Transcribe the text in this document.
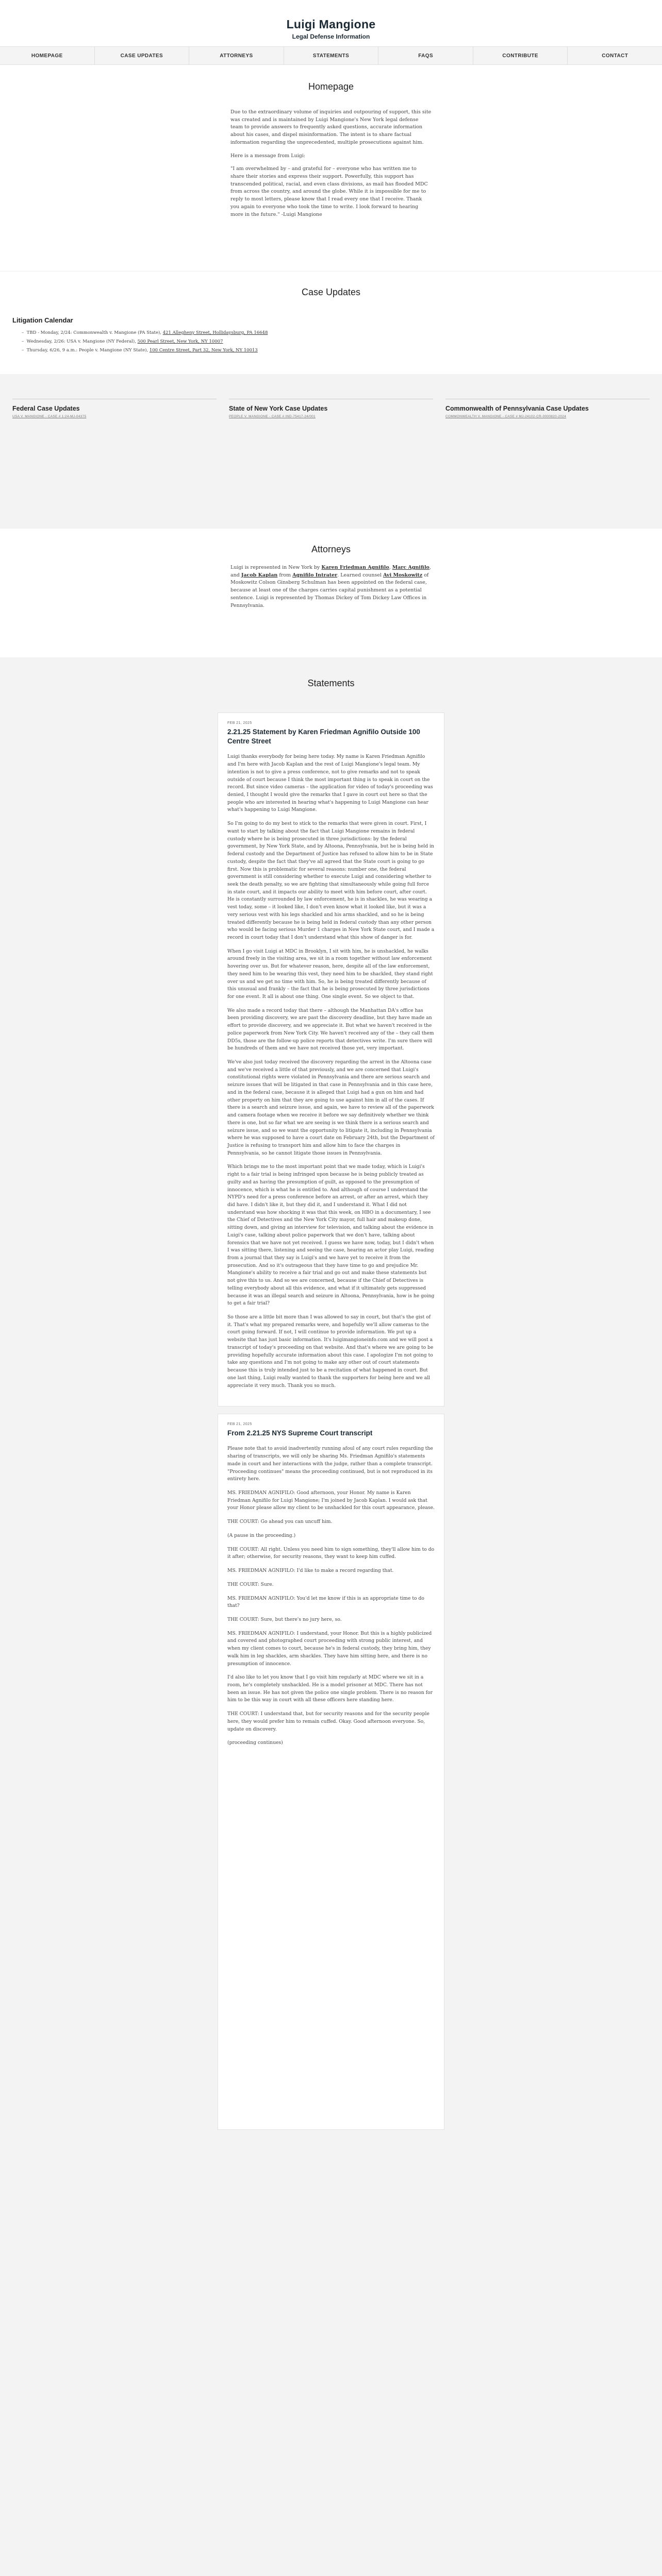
Luigi Mangione
Legal Defense Information
HOMEPAGE	CASE UPDATES	ATTORNEYS	STATEMENTS	FAQS	CONTRIBUTE	CONTACT
Homepage

Due to the extraordinary volume of inquiries and outpouring of support, this site was created and is maintained by Luigi Mangione's New York legal defense team to provide answers to frequently asked questions, accurate information about his cases, and dispel misinformation. The intent is to share factual information regarding the unprecedented, multiple prosecutions against him.

Here is a message from Luigi:

"I am overwhelmed by – and grateful for – everyone who has written me to share their stories and express their support. Powerfully, this support has transcended political, racial, and even class divisions, as mail has flooded MDC from across the country, and around the globe. While it is impossible for me to reply to most letters, please know that I read every one that I receive. Thank you again to everyone who took the time to write. I look forward to hearing more in the future." -Luigi Mangione

Case Updates
Litigation Calendar
–  TBD - Monday, 2/24: Commonwealth v. Mangione (PA State), 421 Allegheny Street, Hollidaysburg, PA 16648
–  Wednesday, 2/26: USA v. Mangione (NY Federal), 500 Pearl Street, New York, NY 10007
–  Thursday, 6/26, 9 a.m.: People v. Mangione (NY State), 100 Centre Street, Part 32, New York, NY 10013
Federal Case Updates
USA V. MANGIONE - CASE # 1:24-MJ-04375
State of New York Case Updates
PEOPLE V. MANGIONE - CASE # IND-75417-24/001
Commonwealth of Pennsylvania Case Updates
COMMONWEALTH V. MANGIONE - CASE # MJ-24102-CR-0000820-2024
Attorneys

Luigi is represented in New York by Karen Friedman Agnifilo, Marc Agnifilo, and Jacob Kaplan from Agnifilo Intrater. Learned counsel Avi Moskowitz of Moskowitz Colson Ginsberg Schulman has been appointed on the federal case, because at least one of the charges carries capital punishment as a potential sentence. Luigi is represented by Thomas Dickey of Tom Dickey Law Offices in Pennsylvania.

Statements
FEB 21, 2025
2.21.25 Statement by Karen Friedman Agnifilo Outside 100 Centre Street

Luigi thanks everybody for being here today. My name is Karen Friedman Agnifilo and I'm here with Jacob Kaplan and the rest of Luigi Mangione's legal team. My intention is not to give a press conference, not to give remarks and not to speak outside of court because I think the most important thing is to speak in court on the record. But since video cameras – the application for video of today's proceeding was denied, I thought I would give the remarks that I gave in court out here so that the people who are interested in hearing what's happening to Luigi Mangione can hear what's happening to Luigi Mangione.

So I'm going to do my best to stick to the remarks that were given in court. First, I want to start by talking about the fact that Luigi Mangione remains in federal custody where he is being prosecuted in three jurisdictions: by the federal government, by New York State, and by Altoona, Pennsylvania, but he is being held in federal custody and the Department of Justice has refused to allow him to be in State custody, despite the fact that they've all agreed that the State court is going to go first. Now this is problematic for several reasons: number one, the federal government is still considering whether to execute Luigi and considering whether to seek the death penalty, so we are fighting that simultaneously while going full force in state court, and it impacts our ability to meet with him before court, after court. He is constantly surrounded by law enforcement, he is in shackles, he was wearing a vest today, some – it looked like, I don't even know what it looked like, but it was a very serious vest with his legs shackled and his arms shackled, and so he is being treated differently because he is being held in federal custody than any other person who would be facing serious Murder 1 charges in New York State court, and I made a record in court today that I don't understand what this show of danger is for.

When I go visit Luigi at MDC in Brooklyn, I sit with him, he is unshackled, he walks around freely in the visiting area, we sit in a room together without law enforcement hovering over us. But for whatever reason, here, despite all of the law enforcement, they need him to be wearing this vest, they need him to be shackled, they stand right over us and we get no time with him. So, he is being treated differently because of this unusual and frankly – the fact that he is being prosecuted by three jurisdictions for one event. It all is about one thing. One single event. So we object to that.

We also made a record today that there – although the Manhattan DA's office has been providing discovery, we are past the discovery deadline, but they have made an effort to provide discovery, and we appreciate it. But what we haven't received is the police paperwork from New York City. We haven't received any of the – they call them DD5s, those are the follow-up police reports that detectives write. I'm sure there will be hundreds of them and we have not received those yet, very important.

We've also just today received the discovery regarding the arrest in the Altoona case and we've received a little of that previously, and we are concerned that Luigi's constitutional rights were violated in Pennsylvania and there are serious search and seizure issues that will be litigated in that case in Pennsylvania and in this case here, and in the federal case, because it is alleged that Luigi had a gun on him and had other property on him that they are going to use against him in all of the cases. If there is a search and seizure issue, and again, we have to review all of the paperwork and camera footage when we receive it before we say definitively whether we think there is one, but so far what we are seeing is we think there is a serious search and seizure issue, and so we want the opportunity to litigate it, including in Pennsylvania where he was supposed to have a court date on February 24th, but the Department of Justice is refusing to transport him and allow him to face the charges in Pennsylvania, so he cannot litigate those issues in Pennsylvania.

Which brings me to the most important point that we made today, which is Luigi's right to a fair trial is being infringed upon because he is being publicly treated as guilty and as having the presumption of guilt, as opposed to the presumption of innocence, which is what he is entitled to. And although of course I understand the NYPD's need for a press conference before an arrest, or after an arrest, which they did have. I didn't like it, but they did it, and I understand it. What I did not understand was how shocking it was that this week, on HBO in a documentary, I see the Chief of Detectives and the New York City mayor, full hair and makeup done, sitting down, and giving an interview for television, and talking about the evidence in Luigi's case, talking about police paperwork that we don't have, talking about forensics that we have not yet received. I guess we have now, today, but I didn't when I was sitting there, listening and seeing the case, hearing an actor play Luigi, reading from a journal that they say is Luigi's and we have yet to receive it from the prosecution. And so it's outrageous that they have time to go and prejudice Mr. Mangione's ability to receive a fair trial and go out and make these statements but not give this to us. And so we are concerned, because if the Chief of Detectives is telling everybody about all this evidence, and what if it ultimately gets suppressed because it was an illegal search and seizure in Altoona, Pennsylvania, how is he going to get a fair trial?

So those are a little bit more than I was allowed to say in court, but that's the gist of it. That's what my prepared remarks were, and hopefully we'll allow cameras to the court going forward. If not, I will continue to provide information. We put up a website that has just basic information. It's luigimangioneinfo.com and we will post a transcript of today's proceeding on that website. And that's where we are going to be providing hopefully accurate information about this case. I apologize I'm not going to take any questions and I'm not going to make any other out of court statements because this is truly intended just to be a recitation of what happened in court. But one last thing, Luigi really wanted to thank the supporters for being here and we all appreciate it very much. Thank you so much.

FEB 21, 2025
From 2.21.25 NYS Supreme Court transcript

Please note that to avoid inadvertently running afoul of any court rules regarding the sharing of transcripts, we will only be sharing Ms. Friedman Agnifilo's statements made in court and her interactions with the judge, rather than a complete transcript. "Proceeding continues" means the proceeding continued, but is not reproduced in its entirety here.

MS. FRIEDMAN AGNIFILO: Good afternoon, your Honor. My name is Karen Friedman Agnifilo for Luigi Mangione; I'm joined by Jacob Kaplan. I would ask that your Honor please allow my client to be unshackled for this court appearance, please.

THE COURT: Go ahead you can uncuff him.

(A pause in the proceeding.)

THE COURT: All right. Unless you need him to sign something, they'll allow him to do it after; otherwise, for security reasons, they want to keep him cuffed.

MS. FRIEDMAN AGNIFILO: I'd like to make a record regarding that.

THE COURT: Sure.

MS. FRIEDMAN AGNIFILO: You'd let me know if this is an appropriate time to do that?

THE COURT: Sure, but there's no jury here, so.

MS. FRIEDMAN AGNIFILO: I understand, your Honor. But this is a highly publicized and covered and photographed court proceeding with strong public interest, and when my client comes to court, because he's in federal custody, they bring him, they walk him in leg shackles, arm shackles. They have him sitting here, and there is no presumption of innocence.

I'd also like to let you know that I go visit him regularly at MDC where we sit in a room, he's completely unshackled. He is a model prisoner at MDC. There has not been an issue. He has not given the police one single problem. There is no reason for him to be this way in court with all these officers here standing here.

THE COURT: I understand that, but for security reasons and for the security people here, they would prefer him to remain cuffed. Okay. Good afternoon everyone. So, update on discovery.

(proceeding continues)
